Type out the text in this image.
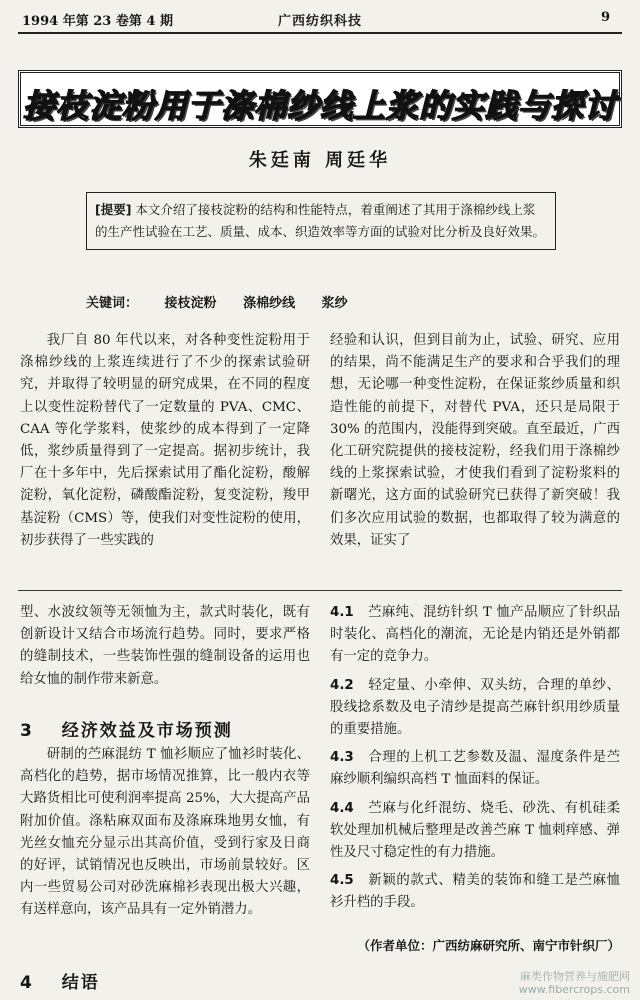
1994 年第 23 卷第 4 期	广西纺织科技	9
接枝淀粉用于涤棉纱线上浆的实践与探讨
朱廷南 周廷华
[提要] 本文介绍了接枝淀粉的结构和性能特点，着重阐述了其用于涤棉纱线上浆的生产性试验在工艺、质量、成本、织造效率等方面的试验对比分析及良好效果。
关键词： 接枝淀粉 涤棉纱线 浆纱

我厂自 80 年代以来，对各种变性淀粉用于涤棉纱线的上浆连续进行了不少的探索试验研究，并取得了较明显的研究成果，在不同的程度上以变性淀粉替代了一定数量的 PVA、CMC、CAA 等化学浆料，使浆纱的成本得到了一定降低，浆纱质量得到了一定提高。据初步统计，我厂在十多年中，先后探索试用了酯化淀粉，酸解淀粉，氧化淀粉，磷酸酯淀粉，复变淀粉，羧甲基淀粉（CMS）等，使我们对变性淀粉的使用，初步获得了一些实践的

经验和认识，但到目前为止，试验、研究、应用的结果，尚不能满足生产的要求和合乎我们的理想，无论哪一种变性淀粉，在保证浆纱质量和织造性能的前提下，对替代 PVA，还只是局限于 30% 的范围内，没能得到突破。直至最近，广西化工研究院提供的接枝淀粉，经我们用于涤棉纱线的上浆探索试验，才使我们看到了淀粉浆料的新曙光，这方面的试验研究已获得了新突破！我们多次应用试验的数据，也都取得了较为满意的效果，证实了

型、水波纹领等无领恤为主，款式时装化，既有创新设计又结合市场流行趋势。同时，要求严格的缝制技术，一些装饰性强的缝制设备的运用也给女恤的制作带来新意。

3 经济效益及市场预测

研制的苎麻混纺 T 恤衫顺应了恤衫时装化、高档化的趋势，据市场情况推算，比一般内衣等大路货相比可使利润率提高 25%，大大提高产品附加价值。涤粘麻双面布及涤麻珠地男女恤，有光丝女恤充分显示出其高价值，受到行家及日商的好评，试销情况也反映出，市场前景较好。区内一些贸易公司对砂洗麻棉衫表现出极大兴趣，有送样意向，该产品具有一定外销潜力。

4 结语
4.1 苎麻纯、混纺针织 T 恤产品顺应了针织品时装化、高档化的潮流，无论是内销还是外销都有一定的竞争力。
4.2 轻定量、小牵伸、双头纺，合理的单纱、股线捻系数及电子清纱是提高苎麻针织用纱质量的重要措施。
4.3 合理的上机工艺参数及温、湿度条件是苎麻纱顺利编织高档 T 恤面料的保证。
4.4 苎麻与化纤混纺、烧毛、砂洗、有机硅柔软处理加机械后整理是改善苎麻 T 恤刺痒感、弹性及尺寸稳定性的有力措施。
4.5 新颖的款式、精美的装饰和缝工是苎麻恤衫升档的手段。
（作者单位：广西纺麻研究所、南宁市针织厂）
麻类作物营养与施肥网
www.fibercrops.com
